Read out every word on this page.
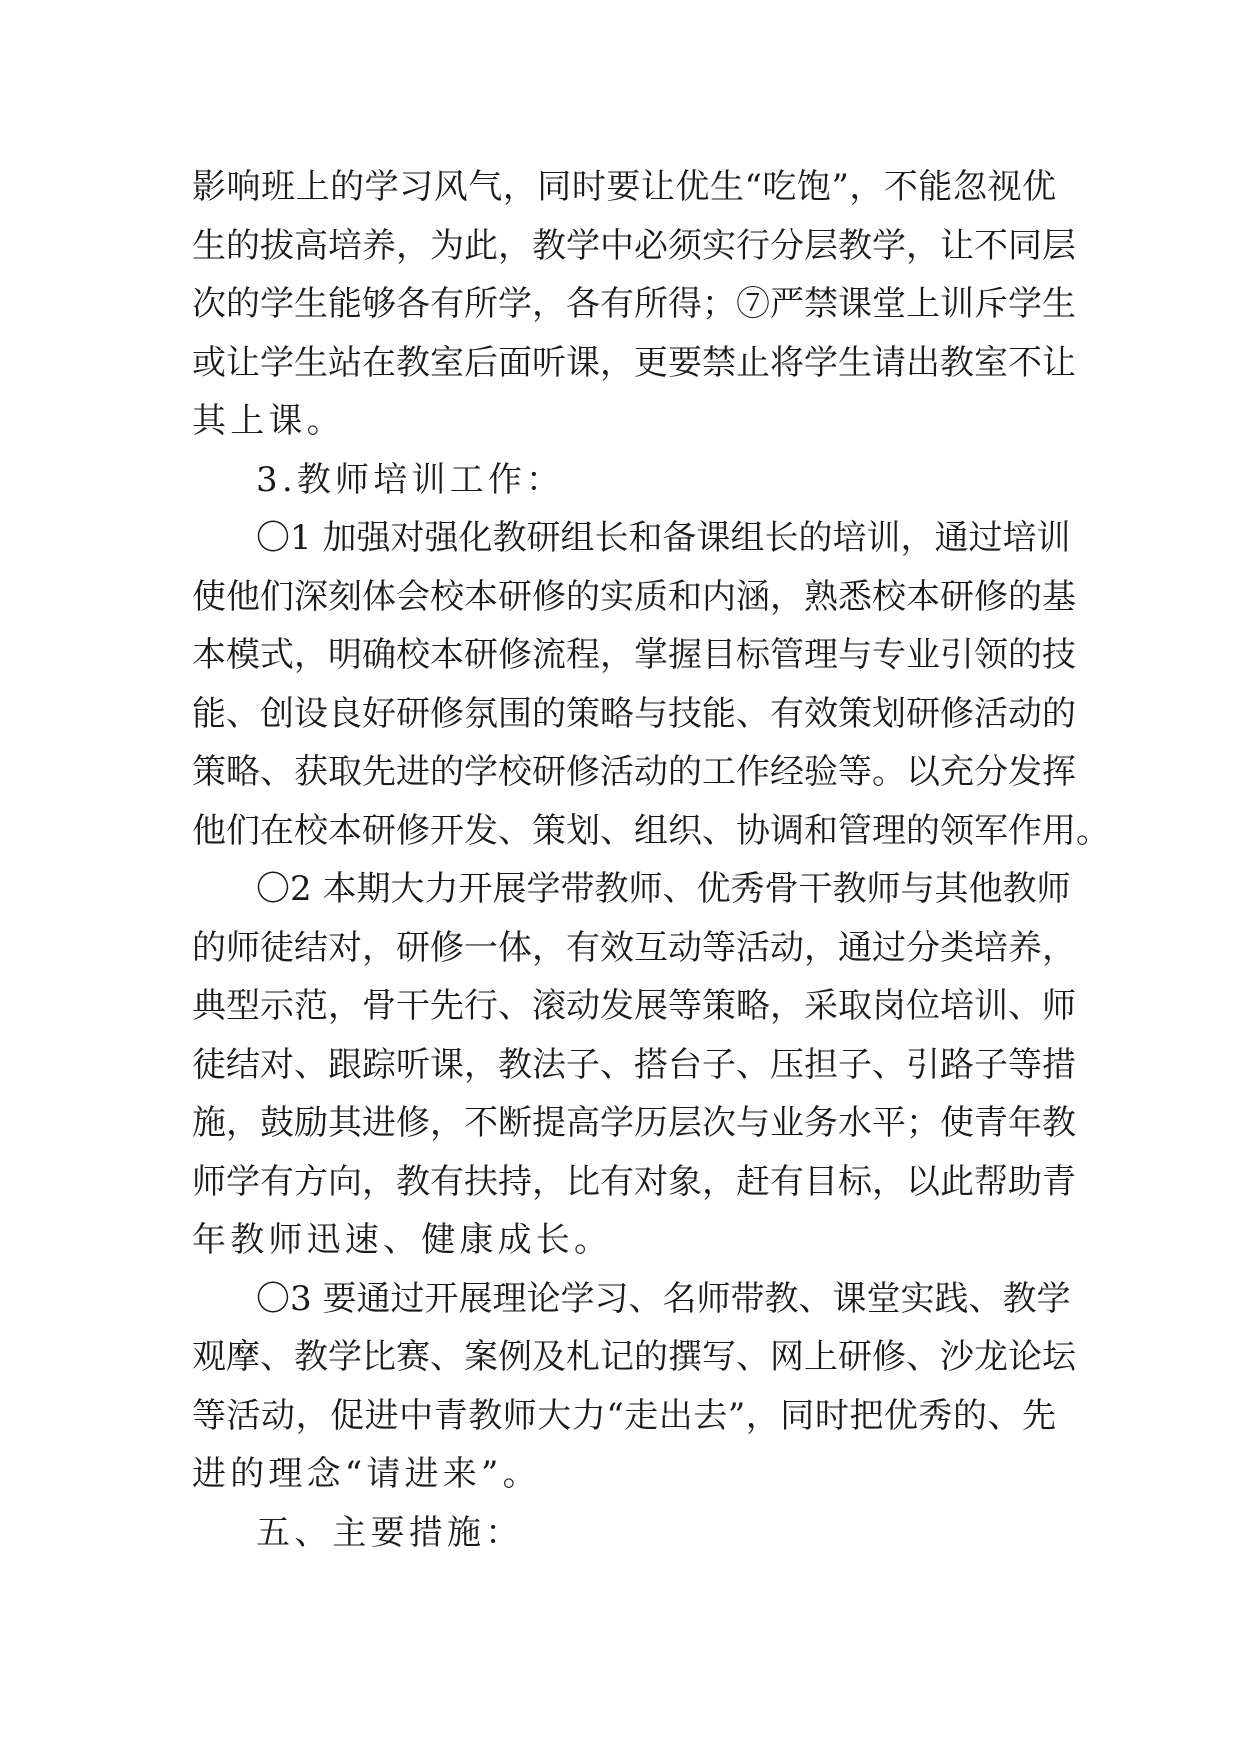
影响班上的学习风气，同时要让优生“吃饱”，不能忽视优
生的拔高培养，为此，教学中必须实行分层教学，让不同层
次的学生能够各有所学，各有所得；⑦严禁课堂上训斥学生
或让学生站在教室后面听课，更要禁止将学生请出教室不让
其上课。
3.教师培训工作：
〇1 加强对强化教研组长和备课组长的培训，通过培训
使他们深刻体会校本研修的实质和内涵，熟悉校本研修的基
本模式，明确校本研修流程，掌握目标管理与专业引领的技
能、创设良好研修氛围的策略与技能、有效策划研修活动的
策略、获取先进的学校研修活动的工作经验等。以充分发挥
他们在校本研修开发、策划、组织、协调和管理的领军作用。
〇2 本期大力开展学带教师、优秀骨干教师与其他教师
的师徒结对，研修一体，有效互动等活动，通过分类培养，
典型示范，骨干先行、滚动发展等策略，采取岗位培训、师
徒结对、跟踪听课，教法子、搭台子、压担子、引路子等措
施，鼓励其进修，不断提高学历层次与业务水平；使青年教
师学有方向，教有扶持，比有对象，赶有目标，以此帮助青
年教师迅速、健康成长。
〇3 要通过开展理论学习、名师带教、课堂实践、教学
观摩、教学比赛、案例及札记的撰写、网上研修、沙龙论坛
等活动，促进中青教师大力“走出去”，同时把优秀的、先
进的理念“请进来”。
五、主要措施：
